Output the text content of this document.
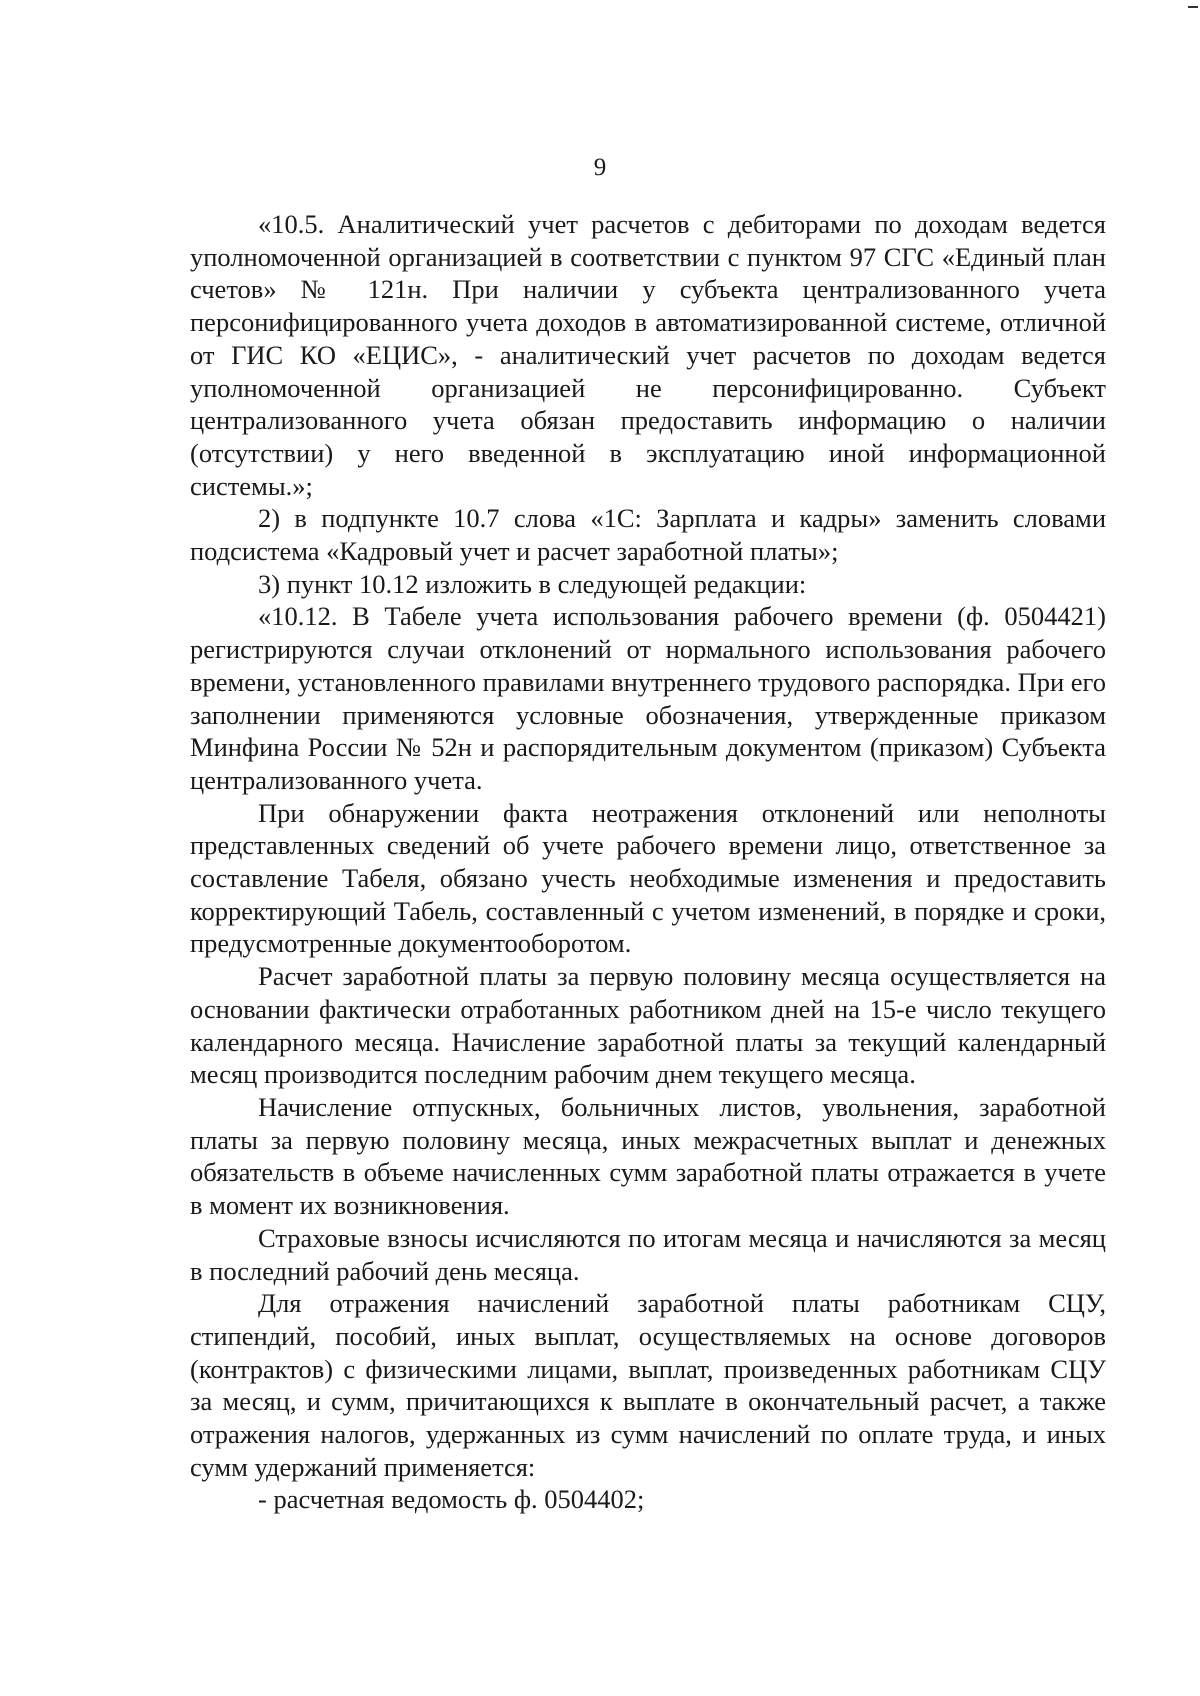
9

«10.5. Аналитический учет расчетов с дебиторами по доходам ведется уполномоченной организацией в соответствии с пунктом 97 СГС «Единый план счетов» № 121н. При наличии у субъекта централизованного учета персонифицированного учета доходов в автоматизированной системе, отличной от ГИС КО «ЕЦИС», - аналитический учет расчетов по доходам ведется уполномоченной организацией не персонифицированно. Субъект централизованного учета обязан предоставить информацию о наличии (отсутствии) у него введенной в эксплуатацию иной информационной системы.»;

2) в подпункте 10.7 слова «1С: Зарплата и кадры» заменить словами подсистема «Кадровый учет и расчет заработной платы»;

3) пункт 10.12 изложить в следующей редакции:

«10.12. В Табеле учета использования рабочего времени (ф. 0504421) регистрируются случаи отклонений от нормального использования рабочего времени, установленного правилами внутреннего трудового распорядка. При его заполнении применяются условные обозначения, утвержденные приказом Минфина России № 52н и распорядительным документом (приказом) Субъекта централизованного учета.

При обнаружении факта неотражения отклонений или неполноты представленных сведений об учете рабочего времени лицо, ответственное за составление Табеля, обязано учесть необходимые изменения и предоставить корректирующий Табель, составленный с учетом изменений, в порядке и сроки, предусмотренные документооборотом.

Расчет заработной платы за первую половину месяца осуществляется на основании фактически отработанных работником дней на 15-е число текущего календарного месяца. Начисление заработной платы за текущий календарный месяц производится последним рабочим днем текущего месяца.

Начисление отпускных, больничных листов, увольнения, заработной платы за первую половину месяца, иных межрасчетных выплат и денежных обязательств в объеме начисленных сумм заработной платы отражается в учете в момент их возникновения.

Страховые взносы исчисляются по итогам месяца и начисляются за месяц в последний рабочий день месяца.

Для отражения начислений заработной платы работникам СЦУ, стипендий, пособий, иных выплат, осуществляемых на основе договоров (контрактов) с физическими лицами, выплат, произведенных работникам СЦУ за месяц, и сумм, причитающихся к выплате в окончательный расчет, а также отражения налогов, удержанных из сумм начислений по оплате труда, и иных сумм удержаний применяется:

- расчетная ведомость ф. 0504402;
